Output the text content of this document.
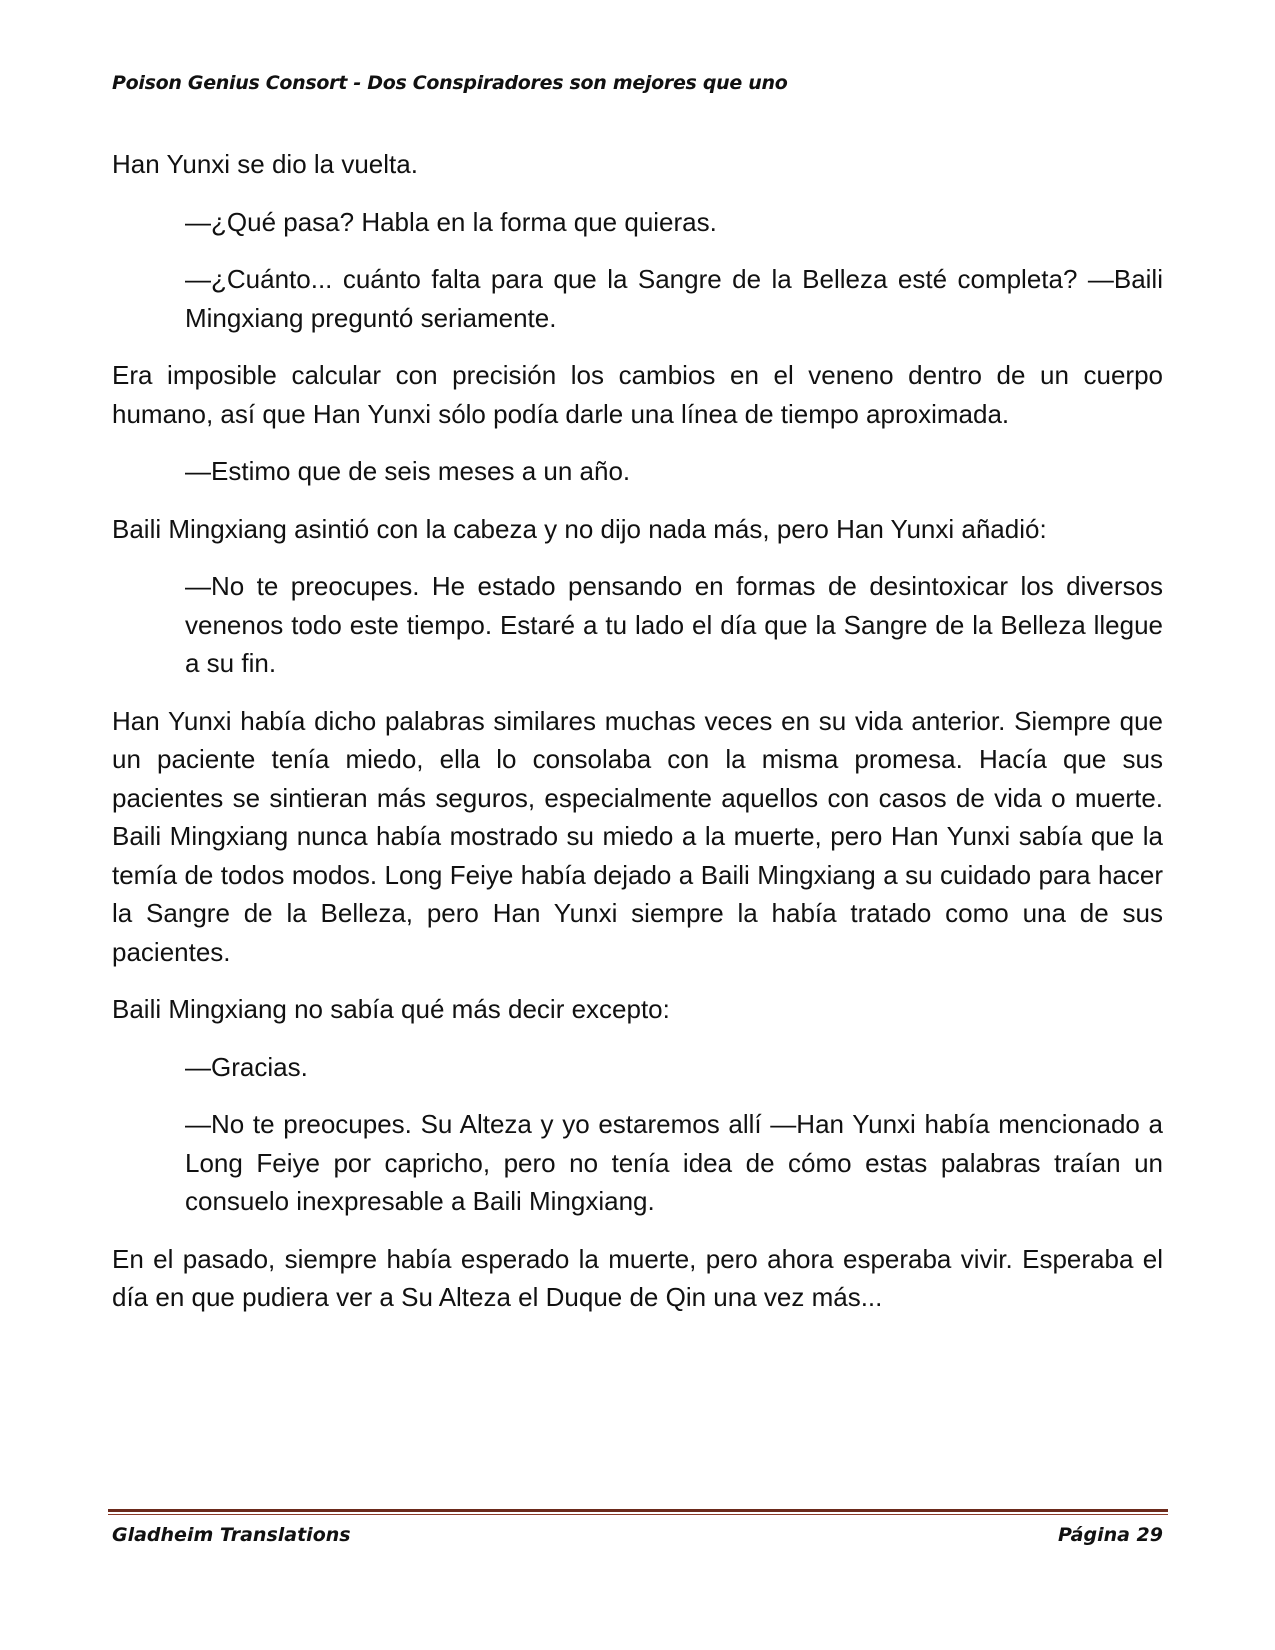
Poison Genius Consort - Dos Conspiradores son mejores que uno

Han Yunxi se dio la vuelta.

—¿Qué pasa? Habla en la forma que quieras.

—¿Cuánto... cuánto falta para que la Sangre de la Belleza esté completa? —Baili Mingxiang preguntó seriamente.

Era imposible calcular con precisión los cambios en el veneno dentro de un cuerpo humano, así que Han Yunxi sólo podía darle una línea de tiempo aproximada.

—Estimo que de seis meses a un año.

Baili Mingxiang asintió con la cabeza y no dijo nada más, pero Han Yunxi añadió:

—No te preocupes. He estado pensando en formas de desintoxicar los diversos venenos todo este tiempo. Estaré a tu lado el día que la Sangre de la Belleza llegue a su fin.

Han Yunxi había dicho palabras similares muchas veces en su vida anterior. Siempre que un paciente tenía miedo, ella lo consolaba con la misma promesa. Hacía que sus pacientes se sintieran más seguros, especialmente aquellos con casos de vida o muerte. Baili Mingxiang nunca había mostrado su miedo a la muerte, pero Han Yunxi sabía que la temía de todos modos. Long Feiye había dejado a Baili Mingxiang a su cuidado para hacer la Sangre de la Belleza, pero Han Yunxi siempre la había tratado como una de sus pacientes.

Baili Mingxiang no sabía qué más decir excepto:

—Gracias.

—No te preocupes. Su Alteza y yo estaremos allí —Han Yunxi había mencionado a Long Feiye por capricho, pero no tenía idea de cómo estas palabras traían un consuelo inexpresable a Baili Mingxiang.

En el pasado, siempre había esperado la muerte, pero ahora esperaba vivir. Esperaba el día en que pudiera ver a Su Alteza el Duque de Qin una vez más...

Gladheim Translations	Página 29
